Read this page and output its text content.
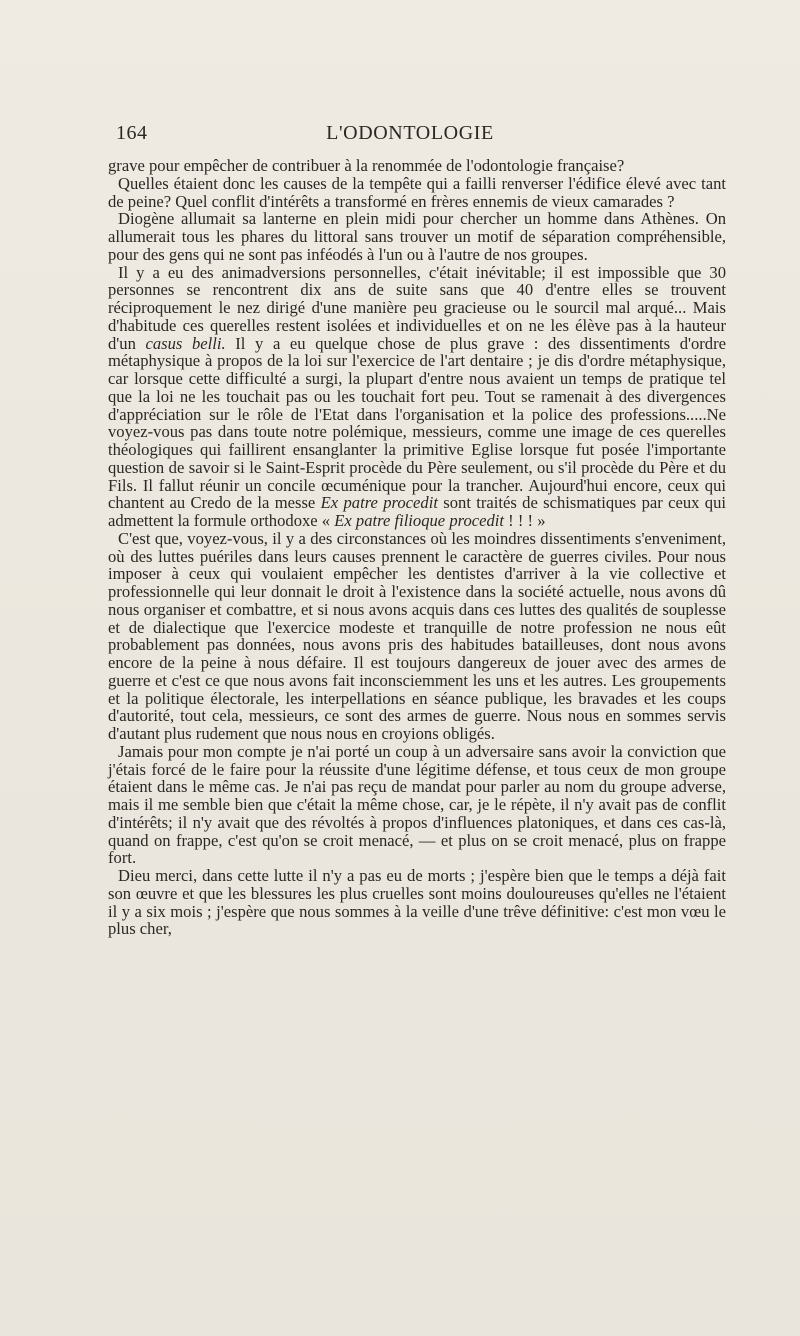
164	L'ODONTOLOGIE

grave pour empêcher de contribuer à la renommée de l'odontologie française?

Quelles étaient donc les causes de la tempête qui a failli renverser l'édifice élevé avec tant de peine? Quel conflit d'intérêts a transformé en frères ennemis de vieux camarades ?

Diogène allumait sa lanterne en plein midi pour chercher un homme dans Athènes. On allumerait tous les phares du littoral sans trouver un motif de séparation compréhensible, pour des gens qui ne sont pas inféodés à l'un ou à l'autre de nos groupes.

Il y a eu des animadversions personnelles, c'était inévitable; il est impossible que 30 personnes se rencontrent dix ans de suite sans que 40 d'entre elles se trouvent réciproquement le nez dirigé d'une manière peu gracieuse ou le sourcil mal arqué... Mais d'habitude ces querelles restent isolées et individuelles et on ne les élève pas à la hauteur d'un casus belli. Il y a eu quelque chose de plus grave : des dissentiments d'ordre métaphysique à propos de la loi sur l'exercice de l'art dentaire ; je dis d'ordre métaphysique, car lorsque cette difficulté a surgi, la plupart d'entre nous avaient un temps de pratique tel que la loi ne les touchait pas ou les touchait fort peu. Tout se ramenait à des divergences d'appréciation sur le rôle de l'Etat dans l'organisation et la police des professions.....Ne voyez-vous pas dans toute notre polémique, messieurs, comme une image de ces querelles théologiques qui faillirent ensanglanter la primitive Eglise lorsque fut posée l'importante question de savoir si le Saint-Esprit procède du Père seulement, ou s'il procède du Père et du Fils. Il fallut réunir un concile œcuménique pour la trancher. Aujourd'hui encore, ceux qui chantent au Credo de la messe Ex patre procedit sont traités de schismatiques par ceux qui admettent la formule orthodoxe « Ex patre filioque procedit ! ! ! »

C'est que, voyez-vous, il y a des circonstances où les moindres dissentiments s'enveniment, où des luttes puériles dans leurs causes prennent le caractère de guerres civiles. Pour nous imposer à ceux qui voulaient empêcher les dentistes d'arriver à la vie collective et professionnelle qui leur donnait le droit à l'existence dans la société actuelle, nous avons dû nous organiser et combattre, et si nous avons acquis dans ces luttes des qualités de souplesse et de dialectique que l'exercice modeste et tranquille de notre profession ne nous eût probablement pas données, nous avons pris des habitudes batailleuses, dont nous avons encore de la peine à nous défaire. Il est toujours dangereux de jouer avec des armes de guerre et c'est ce que nous avons fait inconsciemment les uns et les autres. Les groupements et la politique électorale, les interpellations en séance publique, les bravades et les coups d'autorité, tout cela, messieurs, ce sont des armes de guerre. Nous nous en sommes servis d'autant plus rudement que nous nous en croyions obligés.

Jamais pour mon compte je n'ai porté un coup à un adversaire sans avoir la conviction que j'étais forcé de le faire pour la réussite d'une légitime défense, et tous ceux de mon groupe étaient dans le même cas. Je n'ai pas reçu de mandat pour parler au nom du groupe adverse, mais il me semble bien que c'était la même chose, car, je le répète, il n'y avait pas de conflit d'intérêts; il n'y avait que des révoltés à propos d'influences platoniques, et dans ces cas-là, quand on frappe, c'est qu'on se croit menacé, — et plus on se croit menacé, plus on frappe fort.

Dieu merci, dans cette lutte il n'y a pas eu de morts ; j'espère bien que le temps a déjà fait son œuvre et que les blessures les plus cruelles sont moins douloureuses qu'elles ne l'étaient il y a six mois ; j'espère que nous sommes à la veille d'une trêve définitive: c'est mon vœu le plus cher,
